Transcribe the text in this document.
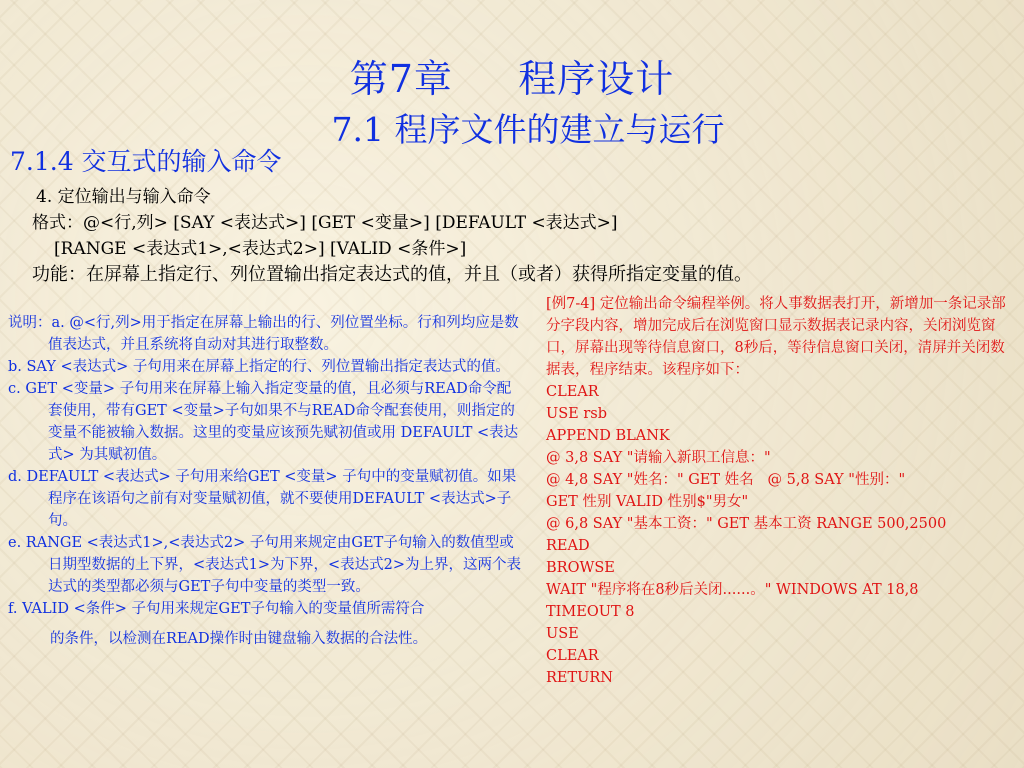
第7章     程序设计
7.1 程序文件的建立与运行
7.1.4 交互式的输入命令
4. 定位输出与输入命令
格式：@<行,列> [SAY <表达式>] [GET <变量>] [DEFAULT <表达式>]
[RANGE <表达式1>,<表达式2>] [VALID <条件>]
功能：在屏幕上指定行、列位置输出指定表达式的值，并且（或者）获得所指定变量的值。

说明：a. @<行,列>用于指定在屏幕上输出的行、列位置坐标。行和列均应是数值表达式，并且系统将自动对其进行取整数。

b. SAY <表达式> 子句用来在屏幕上指定的行、列位置输出指定表达式的值。

c. GET <变量> 子句用来在屏幕上输入指定变量的值，且必须与READ命令配套使用，带有GET <变量>子句如果不与READ命令配套使用，则指定的变量不能被输入数据。这里的变量应该预先赋初值或用 DEFAULT <表达式> 为其赋初值。

d. DEFAULT <表达式> 子句用来给GET <变量> 子句中的变量赋初值。如果程序在该语句之前有对变量赋初值，就不要使用DEFAULT <表达式>子句。

e. RANGE <表达式1>,<表达式2> 子句用来规定由GET子句输入的数值型或日期型数据的上下界，<表达式1>为下界，<表达式2>为上界，这两个表达式的类型都必须与GET子句中变量的类型一致。

f. VALID <条件> 子句用来规定GET子句输入的变量值所需符合

的条件，以检测在READ操作时由键盘输入数据的合法性。
[例7-4] 定位输出命令编程举例。将人事数据表打开，新增加一条记录部分字段内容，增加完成后在浏览窗口显示数据表记录内容，关闭浏览窗口，屏幕出现等待信息窗口，8秒后，等待信息窗口关闭，清屏并关闭数据表，程序结束。该程序如下：
CLEAR
USE rsb
APPEND BLANK
@ 3,8 SAY "请输入新职工信息："
@ 4,8 SAY "姓名：" GET 姓名   @ 5,8 SAY "性别："
GET 性别 VALID 性别$"男女"
@ 6,8 SAY "基本工资：" GET 基本工资 RANGE 500,2500
READ
BROWSE
WAIT "程序将在8秒后关闭......。" WINDOWS AT 18,8
TIMEOUT 8
USE
CLEAR
RETURN
